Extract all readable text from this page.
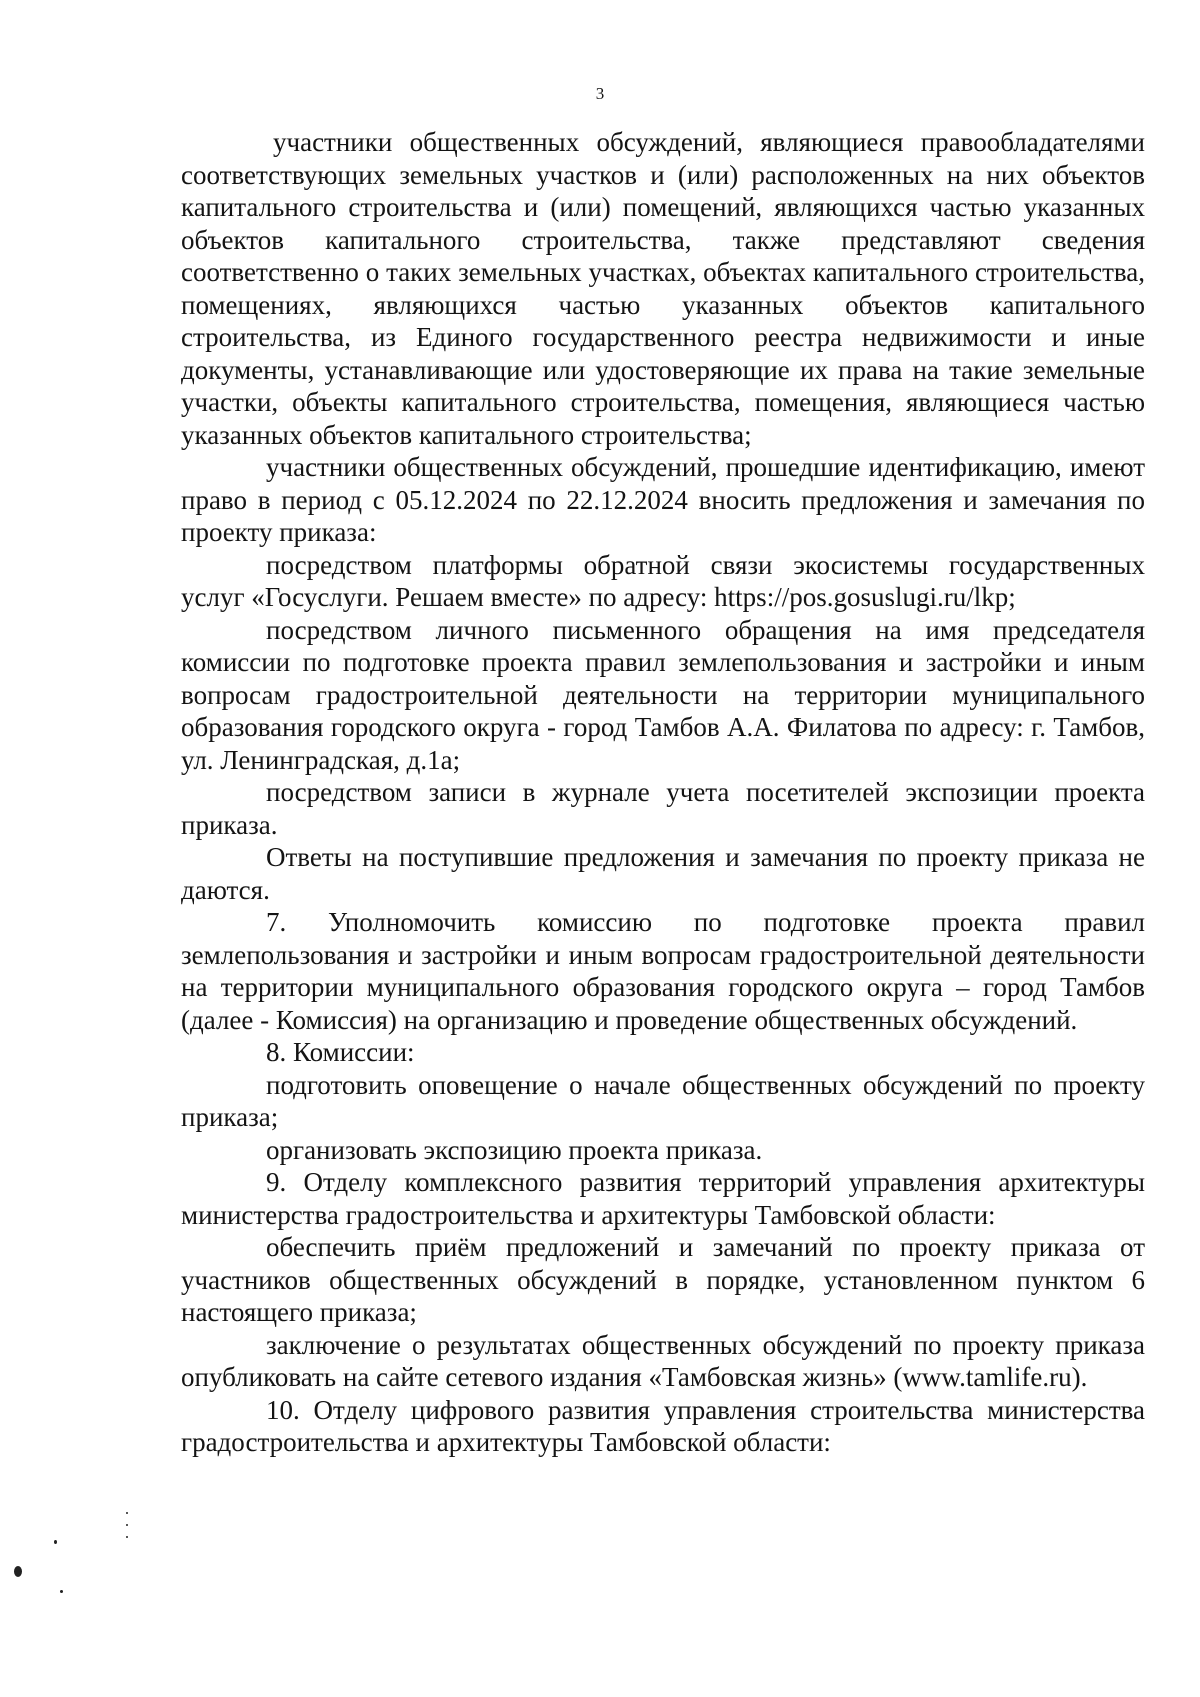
3

участники общественных обсуждений, являющиеся правообладателями соответствующих земельных участков и (или) расположенных на них объектов капитального строительства и (или) помещений, являющихся частью указанных объектов капитального строительства, также представляют сведения соответственно о таких земельных участках, объектах капитального строительства, помещениях, являющихся частью указанных объектов капитального строительства, из Единого государственного реестра недвижимости и иные документы, устанавливающие или удостоверяющие их права на такие земельные участки, объекты капитального строительства, помещения, являющиеся частью указанных объектов капитального строительства;

участники общественных обсуждений, прошедшие идентификацию, имеют право в период с 05.12.2024 по 22.12.2024 вносить предложения и замечания по проекту приказа:

посредством платформы обратной связи экосистемы государственных услуг «Госуслуги. Решаем вместе» по адресу: https://pos.gosuslugi.ru/lkp;

посредством личного письменного обращения на имя председателя комиссии по подготовке проекта правил землепользования и застройки и иным вопросам градостроительной деятельности на территории муниципального образования городского округа - город Тамбов А.А. Филатова по адресу: г. Тамбов, ул. Ленинградская, д.1а;

посредством записи в журнале учета посетителей экспозиции проекта приказа.

Ответы на поступившие предложения и замечания по проекту приказа не даются.

7. Уполномочить комиссию по подготовке проекта правил землепользования и застройки и иным вопросам градостроительной деятельности на территории муниципального образования городского округа – город Тамбов (далее - Комиссия) на организацию и проведение общественных обсуждений.

8. Комиссии:

подготовить оповещение о начале общественных обсуждений по проекту приказа;

организовать экспозицию проекта приказа.

9. Отделу комплексного развития территорий управления архитектуры министерства градостроительства и архитектуры Тамбовской области:

обеспечить приём предложений и замечаний по проекту приказа от участников общественных обсуждений в порядке, установленном пунктом 6 настоящего приказа;

заключение о результатах общественных обсуждений по проекту приказа опубликовать на сайте сетевого издания «Тамбовская жизнь» (www.tamlife.ru).

10. Отделу цифрового развития управления строительства министерства градостроительства и архитектуры Тамбовской области:
